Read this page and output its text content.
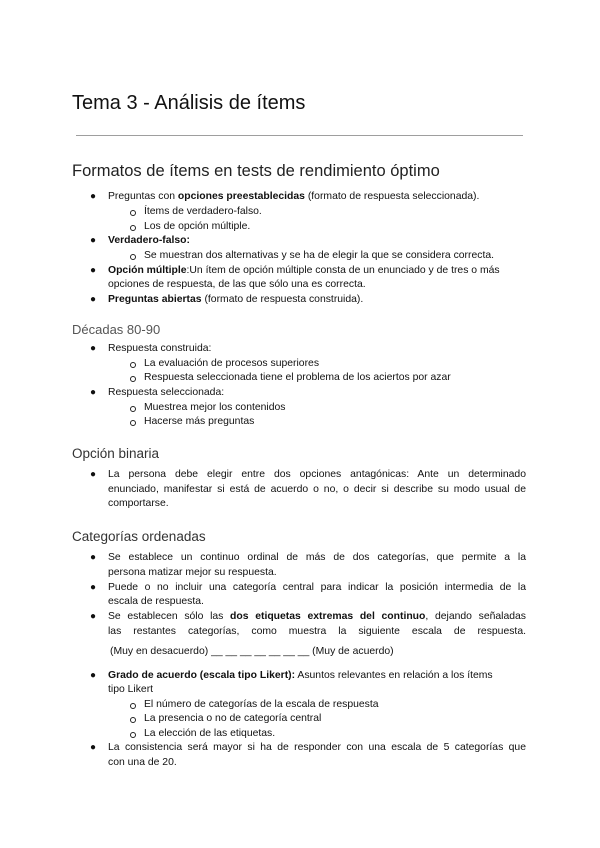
Tema 3 - Análisis de ítems
Formatos de ítems en tests de rendimiento óptimo
● Preguntas con opciones preestablecidas (formato de respuesta seleccionada).
Ítems de verdadero-falso.
Los de opción múltiple.
● Verdadero-falso:
Se muestran dos alternativas y se ha de elegir la que se considera correcta.
● Opción múltiple:Un ítem de opción múltiple consta de un enunciado y de tres o más
opciones de respuesta, de las que sólo una es correcta.
● Preguntas abiertas (formato de respuesta construida).
Décadas 80-90
● Respuesta construida:
La evaluación de procesos superiores
Respuesta seleccionada tiene el problema de los aciertos por azar
● Respuesta seleccionada:
Muestrea mejor los contenidos
Hacerse más preguntas
Opción binaria
● La persona debe elegir entre dos opciones antagónicas: Ante un determinado
enunciado, manifestar si está de acuerdo o no, o decir si describe su modo usual de
comportarse.
Categorías ordenadas
● Se establece un continuo ordinal de más de dos categorías, que permite a la
persona matizar mejor su respuesta.
● Puede o no incluir una categoría central para indicar la posición intermedia de la
escala de respuesta.
● Se establecen sólo las dos etiquetas extremas del continuo, dejando señaladas
las restantes categorías, como muestra la siguiente escala de respuesta.
(Muy en desacuerdo) __ __ __ __ __ __ __ (Muy de acuerdo)
● Grado de acuerdo (escala tipo Likert): Asuntos relevantes en relación a los ítems
tipo Likert
El número de categorías de la escala de respuesta
La presencia o no de categoría central
La elección de las etiquetas.
● La consistencia será mayor si ha de responder con una escala de 5 categorías que
con una de 20.
